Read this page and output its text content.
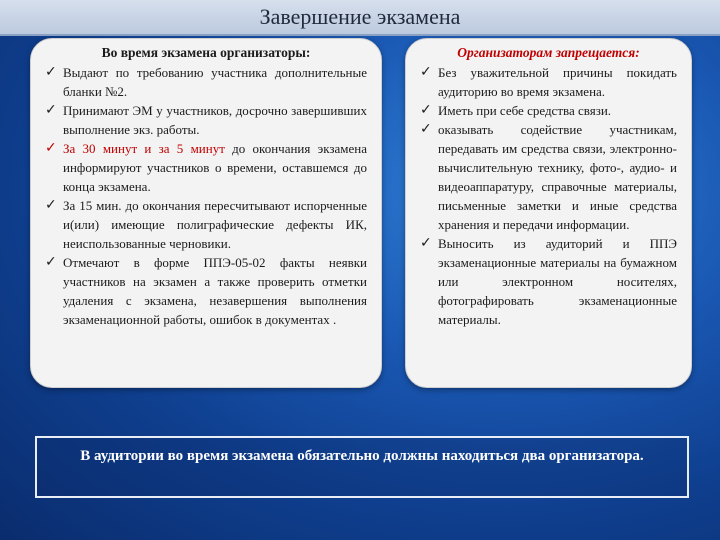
Завершение экзамена
Во время экзамена организаторы:
✓ Выдают по требованию участника дополнительные бланки №2.
✓ Принимают ЭМ у участников, досрочно завершивших выполнение экз. работы.
✓ За 30 минут и за 5 минут до окончания экзамена информируют участников о времени, оставшемся до конца экзамена.
✓ За 15 мин. до окончания пересчитывают испорченные и(или) имеющие полиграфические дефекты ИК, неиспользованные черновики.
✓ Отмечают в форме ППЭ-05-02 факты неявки участников на экзамен а также проверить отметки удаления с экзамена, незавершения выполнения экзаменационной работы, ошибок в документах .
Организаторам запрещается:
✓ Без уважительной причины покидать аудиторию во время экзамена.
✓ Иметь при себе средства связи.
✓ оказывать содействие участникам, передавать им средства связи, электронно-вычислительную технику, фото-, аудио- и видеоаппаратуру, справочные материалы, письменные заметки и иные средства хранения и передачи информации.
✓ Выносить из аудиторий и ППЭ экзаменационные материалы на бумажном или электронном носителях, фотографировать экзаменационные материалы.
В аудитории во время экзамена обязательно должны находиться два организатора.
